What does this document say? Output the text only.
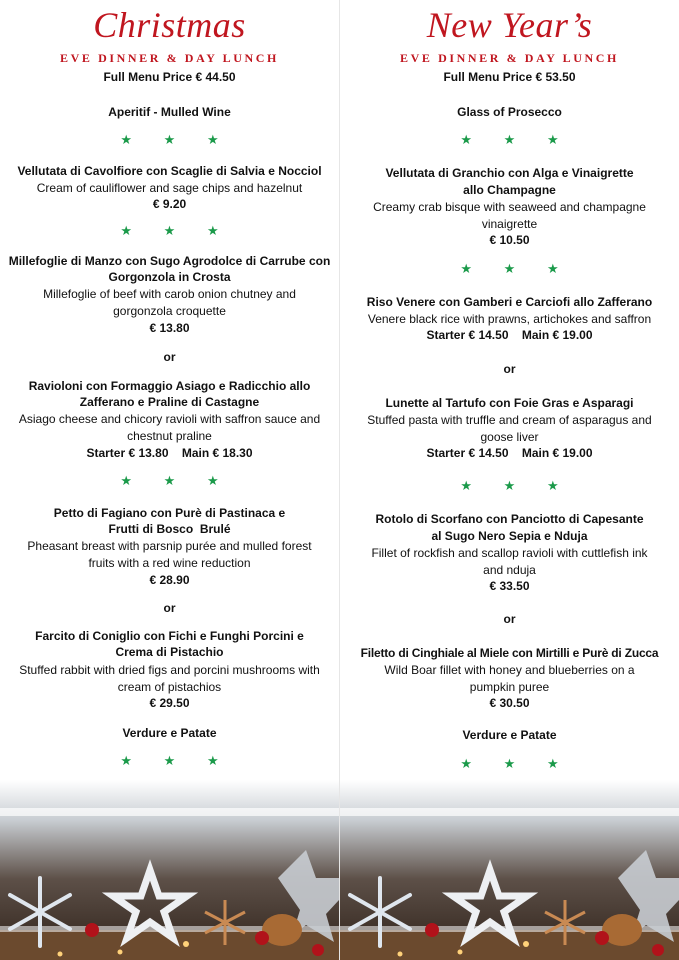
Christmas
EVE DINNER & DAY LUNCH
Full Menu Price € 44.50
Aperitif - Mulled Wine
★ ★ ★
Vellutata di Cavolfiore con Scaglie di Salvia e Nocciol
Cream of cauliflower and sage chips and hazelnut
€ 9.20
★ ★ ★
Millefoglie di Manzo con Sugo Agrodolce di Carrube con
Gorgonzola in Crosta
Millefoglie of beef with carob onion chutney and
gorgonzola croquette
€ 13.80
or
Ravioloni con Formaggio Asiago e Radicchio allo
Zafferano e Praline di Castagne
Asiago cheese and chicory ravioli with saffron sauce and
chestnut praline
Starter € 13.80    Main € 18.30
★ ★ ★
Petto di Fagiano con Purè di Pastinaca e
Frutti di Bosco  Brulé
Pheasant breast with parsnip purée and mulled forest
fruits with a red wine reduction
€ 28.90
or
Farcito di Coniglio con Fichi e Funghi Porcini e
Crema di Pistachio
Stuffed rabbit with dried figs and porcini mushrooms with
cream of pistachios
€ 29.50
Verdure e Patate
★ ★ ★
New Year’s
EVE DINNER & DAY LUNCH
Full Menu Price € 53.50
Glass of Prosecco
★ ★ ★
Vellutata di Granchio con Alga e Vinaigrette
allo Champagne
Creamy crab bisque with seaweed and champagne
vinaigrette
€ 10.50
★ ★ ★
Riso Venere con Gamberi e Carciofi allo Zafferano
Venere black rice with prawns, artichokes and saffron
Starter € 14.50    Main € 19.00
or
Lunette al Tartufo con Foie Gras e Asparagi
Stuffed pasta with truffle and cream of asparagus and
goose liver
Starter € 14.50    Main € 19.00
★ ★ ★
Rotolo di Scorfano con Panciotto di Capesante
al Sugo Nero Sepia e Nduja
Fillet of rockfish and scallop ravioli with cuttlefish ink
and nduja
€ 33.50
or
Filetto di Cinghiale al Miele con Mirtilli e Purè di Zucca
Wild Boar fillet with honey and blueberries on a
pumpkin puree
€ 30.50
Verdure e Patate
★ ★ ★
